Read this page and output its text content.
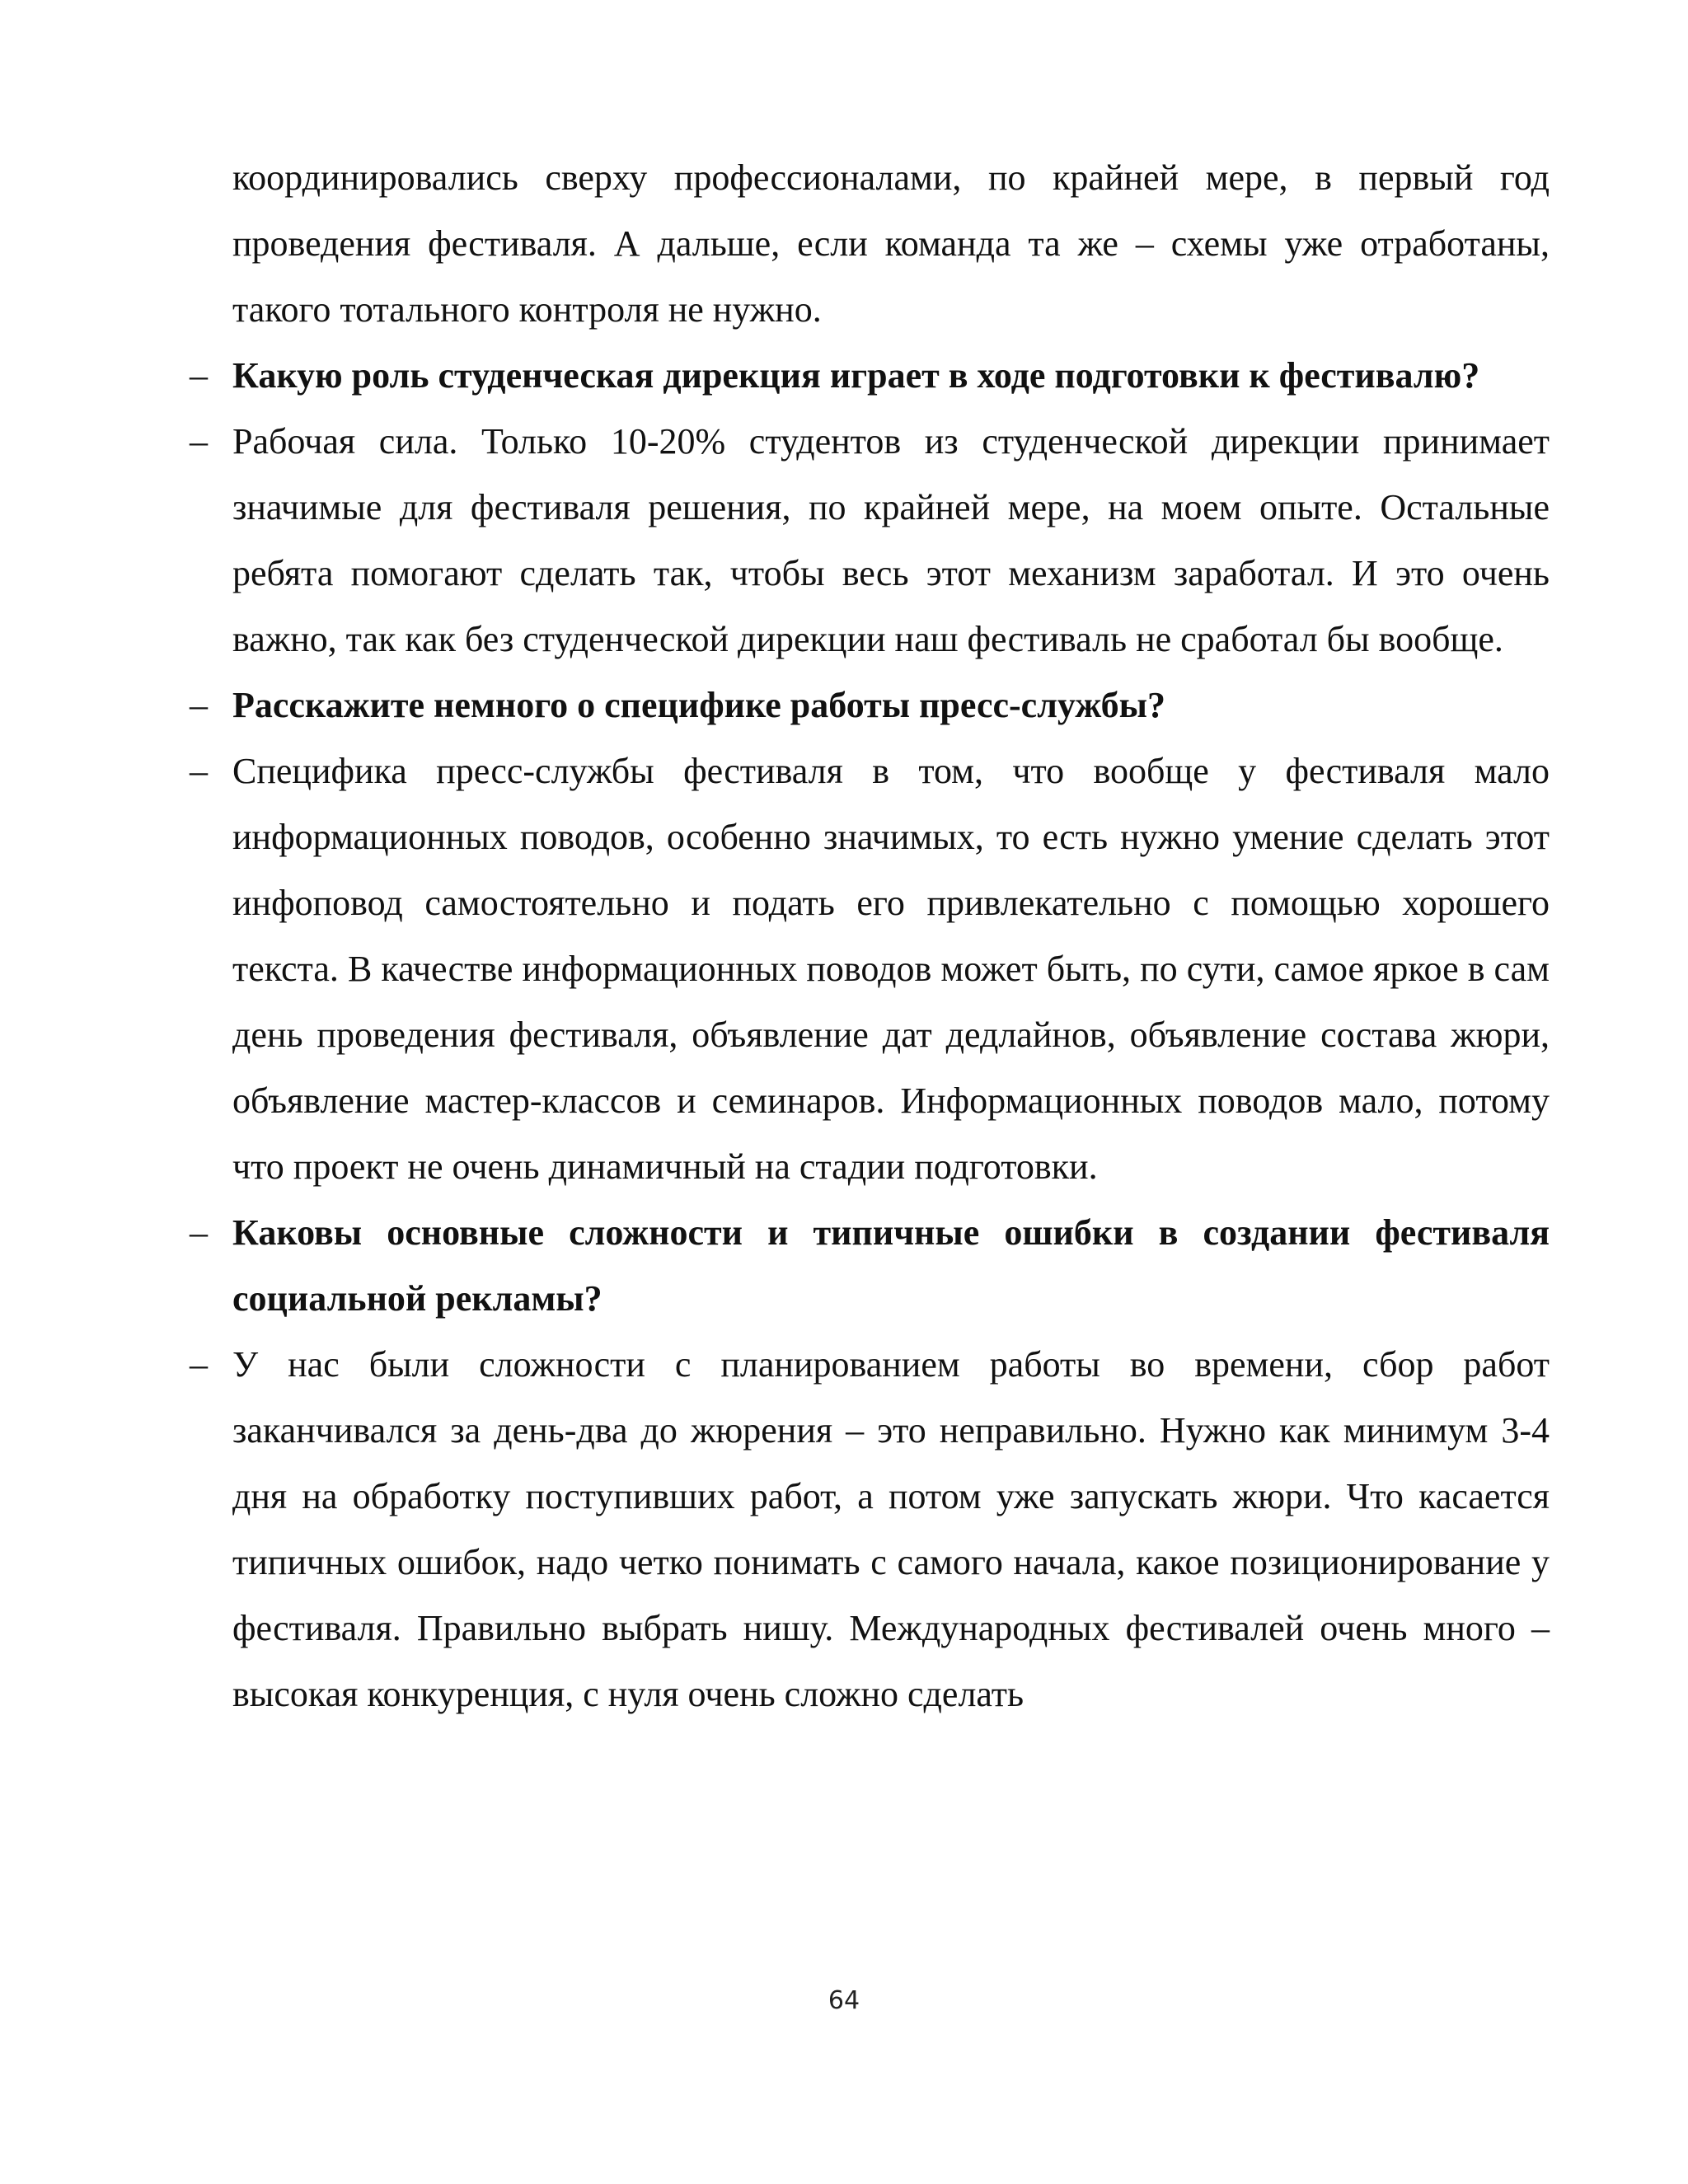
координировались сверху профессионалами, по крайней мере, в первый год проведения фестиваля. А дальше, если команда та же – схемы уже отработаны, такого тотального контроля не нужно.

– Какую роль студенческая дирекция играет в ходе подготовки к фестивалю?

– Рабочая сила. Только 10-20% студентов из студенческой дирекции принимает значимые для фестиваля решения, по крайней мере, на моем опыте. Остальные ребята помогают сделать так, чтобы весь этот механизм заработал. И это очень важно, так как без студенческой дирекции наш фестиваль не сработал бы вообще.

– Расскажите немного о специфике работы пресс-службы?

– Специфика пресс-службы фестиваля в том, что вообще у фестиваля мало информационных поводов, особенно значимых, то есть нужно умение сделать этот инфоповод самостоятельно и подать его привлекательно с помощью хорошего текста. В качестве информационных поводов может быть, по сути, самое яркое в сам день проведения фестиваля, объявление дат дедлайнов, объявление состава жюри, объявление мастер-классов и семинаров. Информационных поводов мало, потому что проект не очень динамичный на стадии подготовки.

– Каковы основные сложности и типичные ошибки в создании фестиваля социальной рекламы?

– У нас были сложности с планированием работы во времени, сбор работ заканчивался за день-два до жюрения – это неправильно. Нужно как минимум 3-4 дня на обработку поступивших работ, а потом уже запускать жюри. Что касается типичных ошибок, надо четко понимать с самого начала, какое позиционирование у фестиваля. Правильно выбрать нишу. Международных фестивалей очень много – высокая конкуренция, с нуля очень сложно сделать

64
